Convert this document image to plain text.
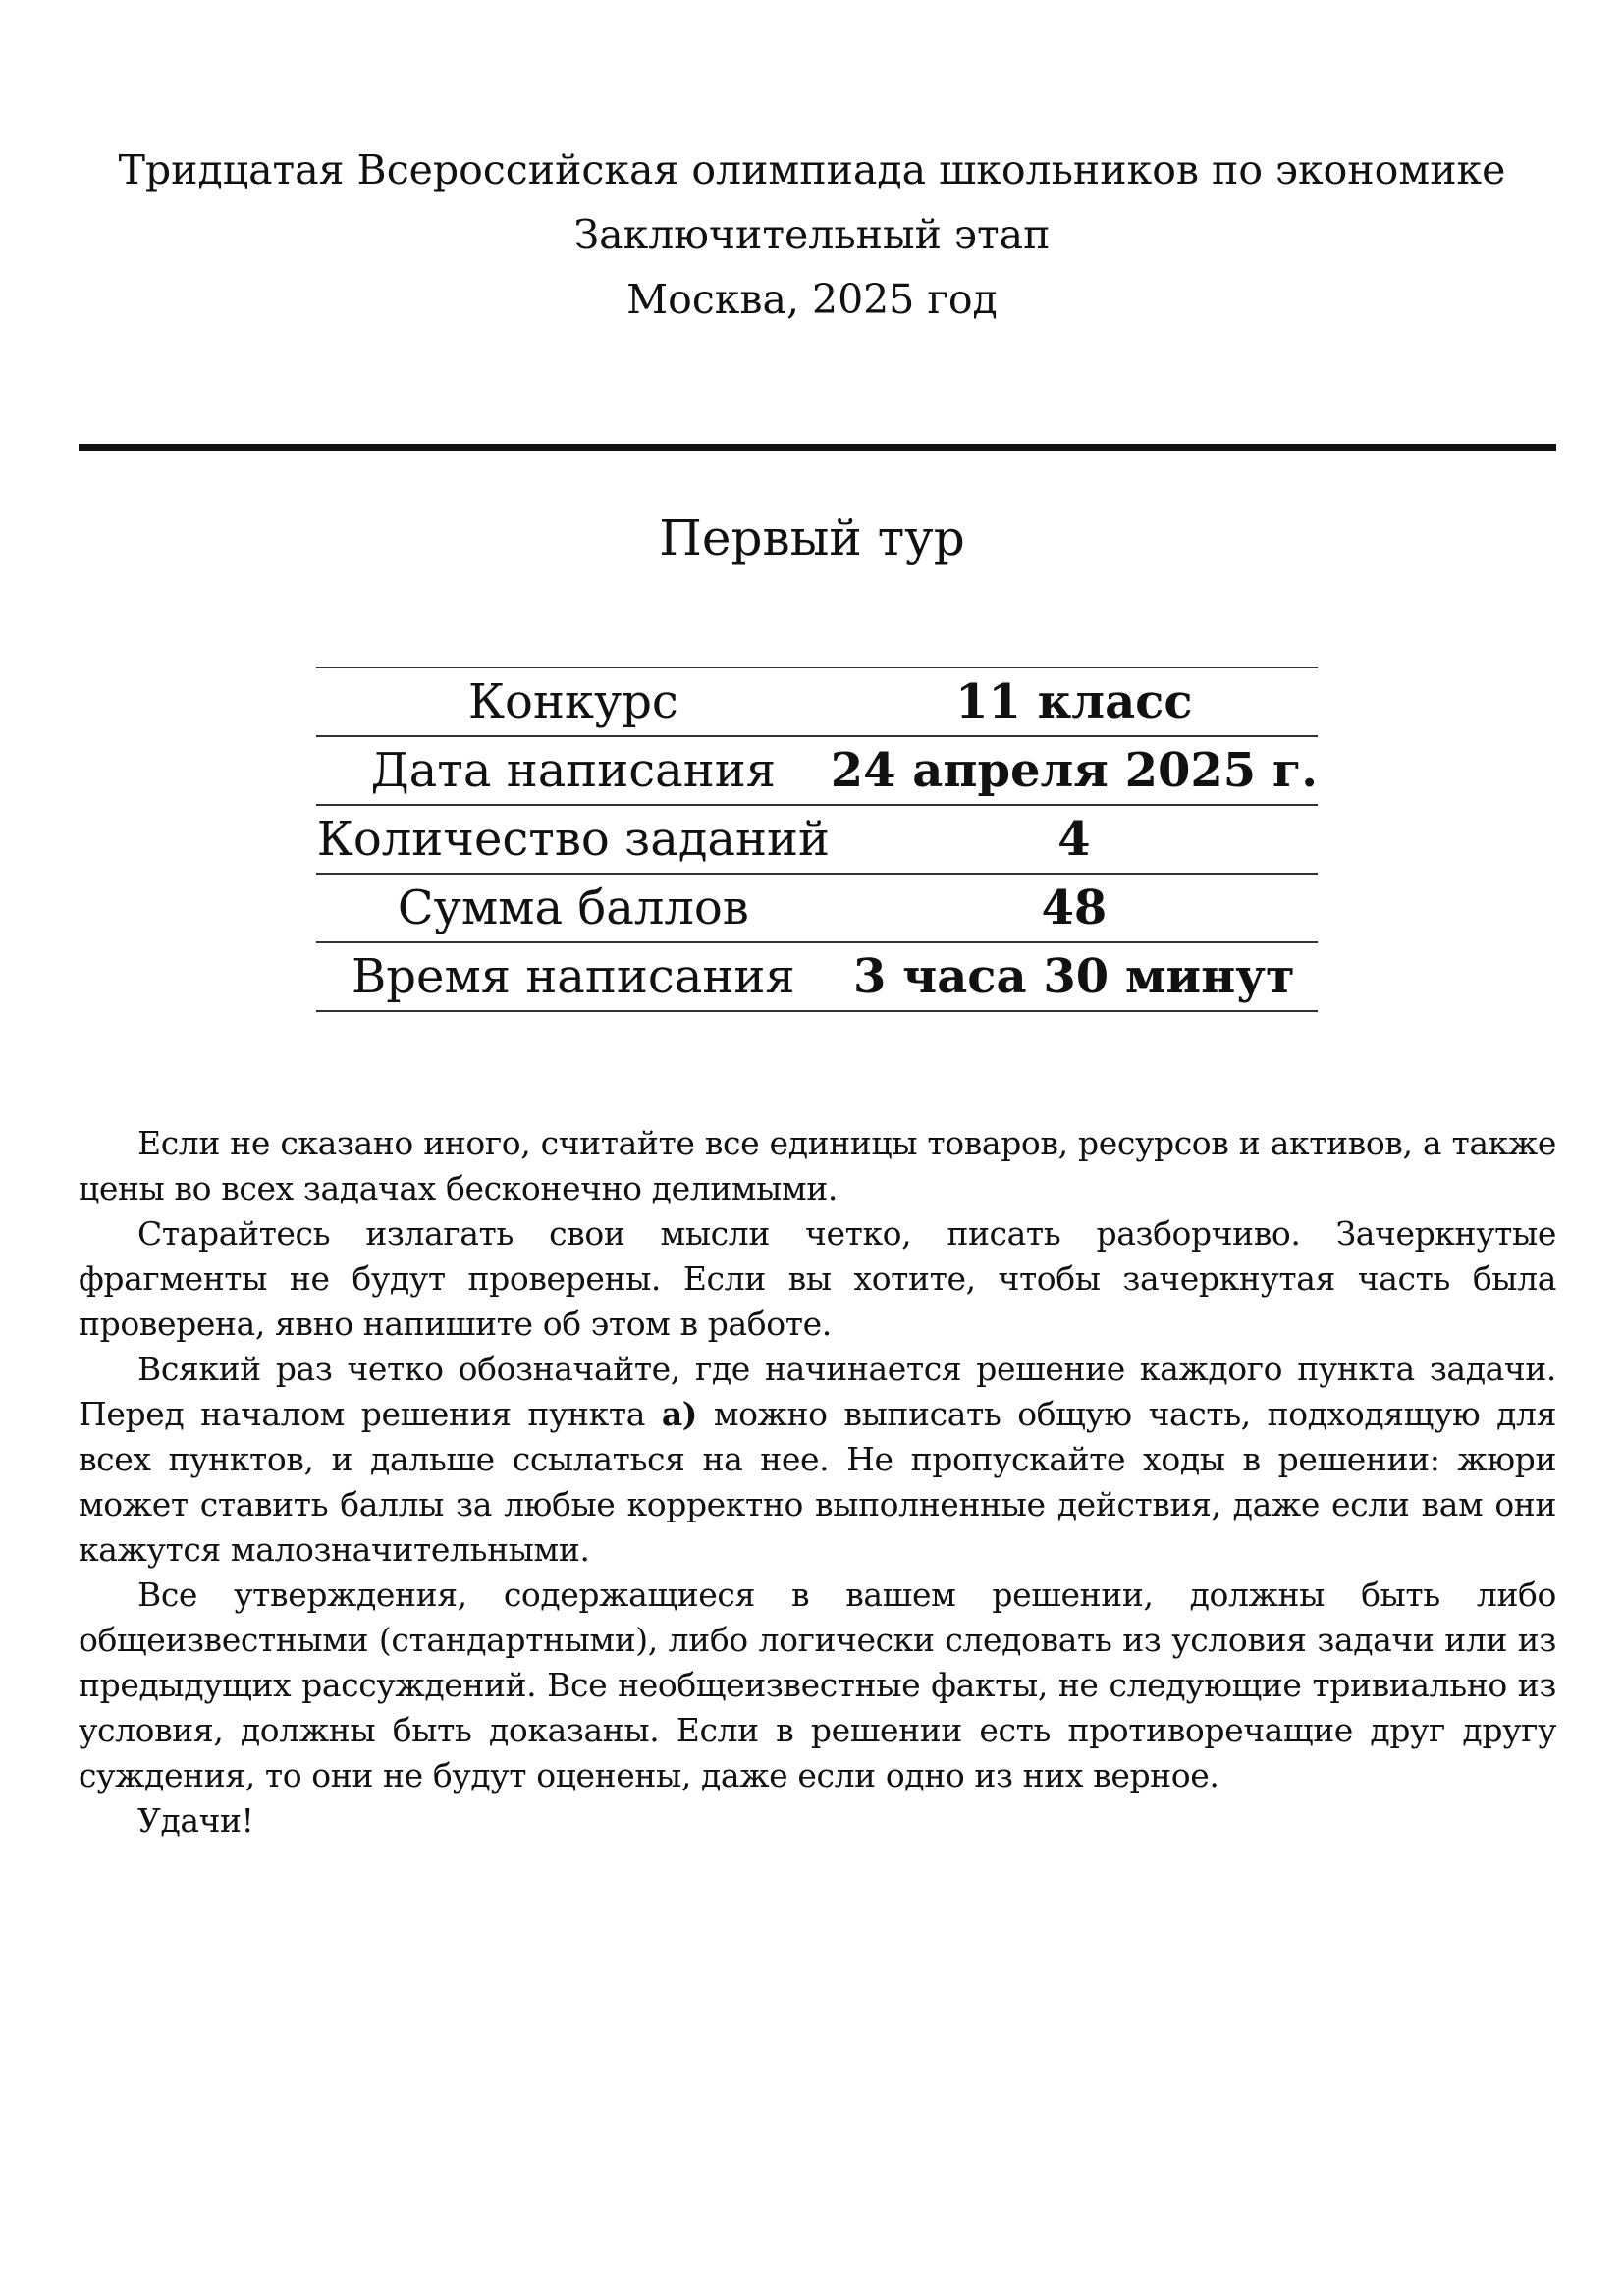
Тридцатая Всероссийская олимпиада школьников по экономике
Заключительный этап
Москва, 2025 год
Первый тур
Конкурс	11 класс
Дата написания	24 апреля 2025 г.
Количество заданий	4
Сумма баллов	48
Время написания	3 часа 30 минут

Если не сказано иного, считайте все единицы товаров, ресурсов и активов, а также цены во всех задачах бесконечно делимыми.

Старайтесь излагать свои мысли четко, писать разборчиво. Зачеркнутые фрагменты не будут проверены. Если вы хотите, чтобы зачеркнутая часть была проверена, явно напишите об этом в работе.

Всякий раз четко обозначайте, где начинается решение каждого пункта задачи. Перед началом решения пункта а) можно выписать общую часть, подходящую для всех пунктов, и дальше ссылаться на нее. Не пропускайте ходы в решении: жюри может ставить баллы за любые корректно выполненные действия, даже если вам они кажутся малозначительными.

Все утверждения, содержащиеся в вашем решении, должны быть либо общеизвестными (стандартными), либо логически следовать из условия задачи или из предыдущих рассуждений. Все необщеизвестные факты, не следующие тривиально из условия, должны быть доказаны. Если в решении есть противоречащие друг другу суждения, то они не будут оценены, даже если одно из них верное.

Удачи!
